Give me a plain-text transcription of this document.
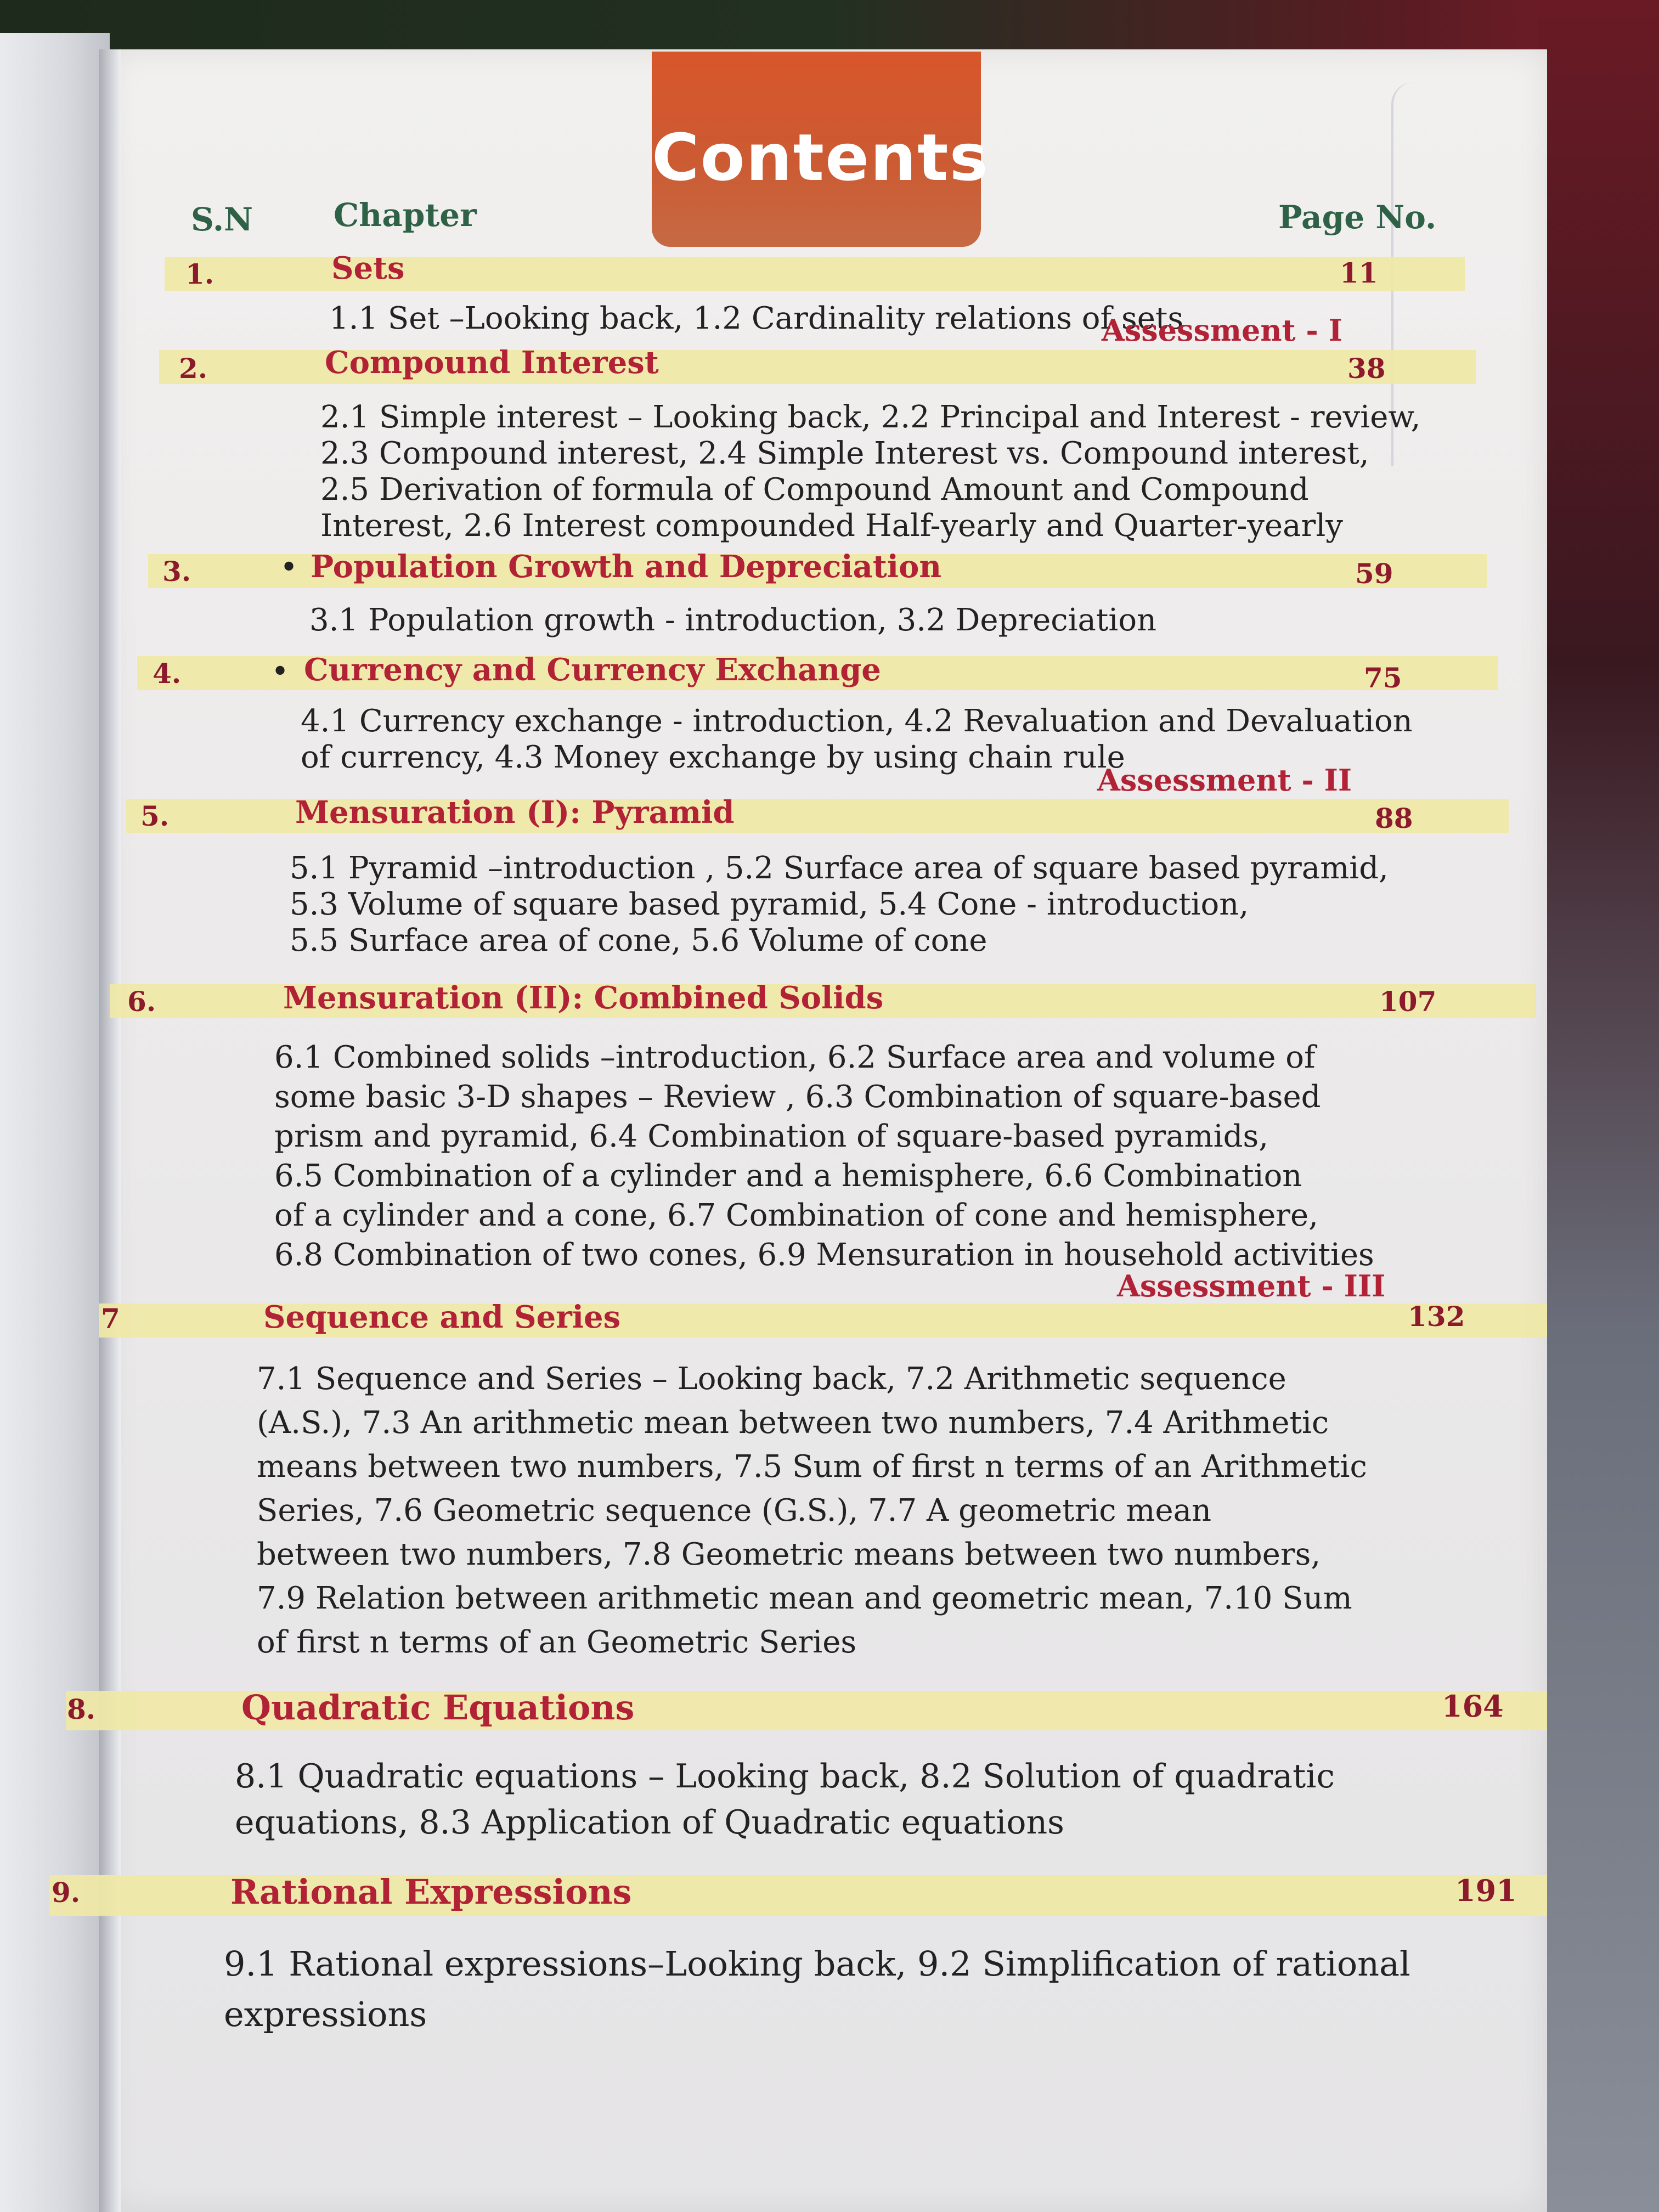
Contents
S.N	Chapter	Page No.
1.	Sets	11
1.1 Set –Looking back, 1.2 Cardinality relations of sets
Assessment - I
2.	Compound Interest	38
2.1 Simple interest – Looking back, 2.2 Principal and Interest - review,
2.3 Compound interest, 2.4 Simple Interest vs. Compound interest,
2.5 Derivation of formula of Compound Amount and Compound
Interest, 2.6 Interest compounded Half-yearly and Quarter-yearly
3.	• Population Growth and Depreciation	59
3.1 Population growth - introduction, 3.2 Depreciation
4.	• Currency and Currency Exchange	75
4.1 Currency exchange - introduction, 4.2 Revaluation and Devaluation
of currency, 4.3 Money exchange by using chain rule
Assessment - II
5.	Mensuration (I): Pyramid	88
5.1 Pyramid –introduction , 5.2 Surface area of square based pyramid,
5.3 Volume of square based pyramid, 5.4 Cone - introduction,
5.5 Surface area of cone, 5.6 Volume of cone
6.	Mensuration (II): Combined Solids	107
6.1 Combined solids –introduction, 6.2 Surface area and volume of
some basic 3-D shapes – Review , 6.3 Combination of square-based
prism and pyramid, 6.4 Combination of square-based pyramids,
6.5 Combination of a cylinder and a hemisphere, 6.6 Combination
of a cylinder and a cone, 6.7 Combination of cone and hemisphere,
6.8 Combination of two cones, 6.9 Mensuration in household activities
Assessment - III
7	Sequence and Series	132
7.1 Sequence and Series – Looking back, 7.2 Arithmetic sequence
(A.S.), 7.3 An arithmetic mean between two numbers, 7.4 Arithmetic
means between two numbers, 7.5 Sum of first n terms of an Arithmetic
Series, 7.6 Geometric sequence (G.S.), 7.7 A geometric mean
between two numbers, 7.8 Geometric means between two numbers,
7.9 Relation between arithmetic mean and geometric mean, 7.10 Sum
of first n terms of an Geometric Series
8.	Quadratic Equations	164
8.1 Quadratic equations – Looking back, 8.2 Solution of quadratic
equations, 8.3 Application of Quadratic equations
9.	Rational Expressions	191
9.1 Rational expressions–Looking back, 9.2 Simplification of rational
expressions
